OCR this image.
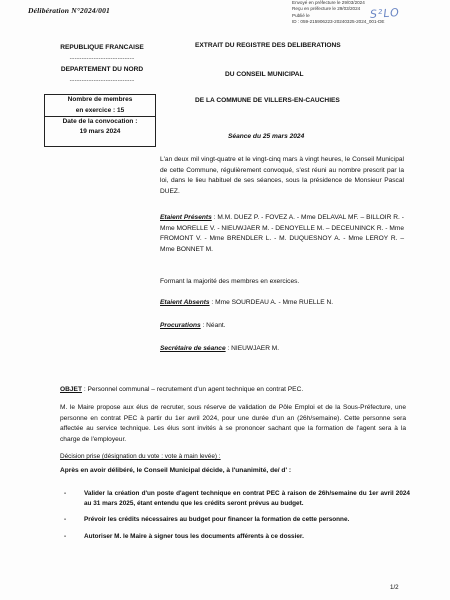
Délibération N°2024/001
Envoyé en préfecture le 29/03/2024
Reçu en préfecture le 29/03/2024
Publié le
ID : 059-215906223-20240325-2024_001-DE
S²LO
REPUBLIQUE FRANCAISE
---------------------------
DEPARTEMENT DU NORD
---------------------------
Nombre de membres
en exercice : 15
Date de la convocation :
19 mars 2024
EXTRAIT DU REGISTRE DES DELIBERATIONS
DU CONSEIL MUNICIPAL
DE LA COMMUNE DE VILLERS-EN-CAUCHIES
Séance du 25 mars 2024
L'an deux mil vingt-quatre et le vingt-cinq mars à vingt heures, le Conseil Municipal de cette Commune, régulièrement convoqué, s'est réuni au nombre prescrit par la loi, dans le lieu habituel de ses séances, sous la présidence de Monsieur Pascal DUEZ.
Etaient Présents : M.M. DUEZ P. - FOVEZ A. - Mme DELAVAL MF. – BILLOIR R. - Mme MORELLE V. - NIEUWJAER M. - DENOYELLE M. – DECEUNINCK R. - Mme FROMONT V. - Mme BRENDLER L. - M. DUQUESNOY A. - Mme LEROY R. – Mme BONNET M.
Formant la majorité des membres en exercices.
Etaient Absents : Mme SOURDEAU A. - Mme RUELLE N.
Procurations : Néant.
Secrétaire de séance : NIEUWJAER M.
OBJET : Personnel communal – recrutement d'un agent technique en contrat PEC.
M. le Maire propose aux élus de recruter, sous réserve de validation de Pôle Emploi et de la Sous-Préfecture, une personne en contrat PEC à partir du 1er avril 2024, pour une durée d'un an (26h/semaine). Cette personne sera affectée au service technique. Les élus sont invités à se prononcer sachant que la formation de l'agent sera à la charge de l'employeur.
Décision prise (désignation du vote : vote à main levée) :
Après en avoir délibéré, le Conseil Municipal décide, à l'unanimité, de/ d' :
- Valider la création d'un poste d'agent technique en contrat PEC à raison de 26h/semaine du 1er avril 2024 au 31 mars 2025, étant entendu que les crédits seront prévus au budget.
- Prévoir les crédits nécessaires au budget pour financer la formation de cette personne.
- Autoriser M. le Maire à signer tous les documents afférents à ce dossier.
1/2
